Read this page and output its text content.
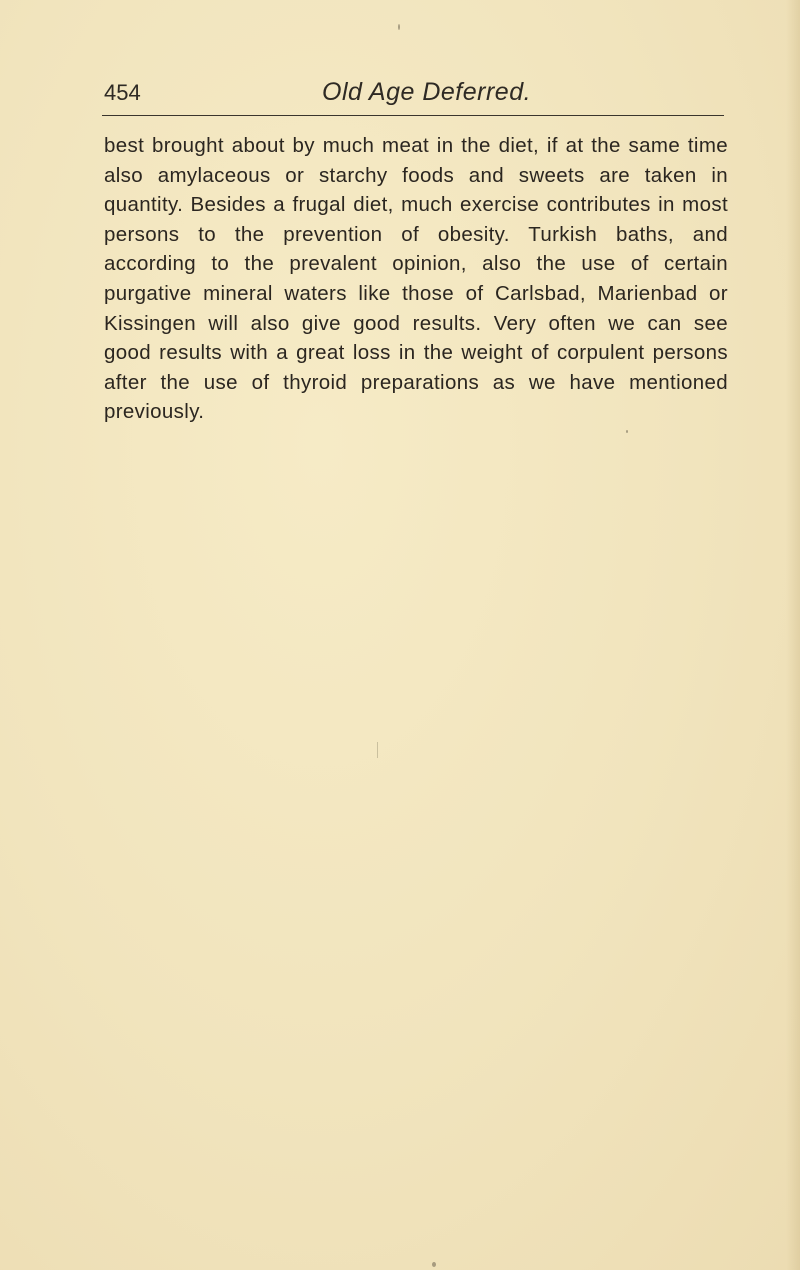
454	Old Age Deferred.

best brought about by much meat in the diet, if at the same time also amylaceous or starchy foods and sweets are taken in quantity. Besides a frugal diet, much exercise contributes in most persons to the prevention of obesity. Turkish baths, and according to the prevalent opinion, also the use of certain purgative mineral waters like those of Carlsbad, Marienbad or Kissingen will also give good results. Very often we can see good results with a great loss in the weight of corpulent persons after the use of thyroid preparations as we have mentioned previously.
